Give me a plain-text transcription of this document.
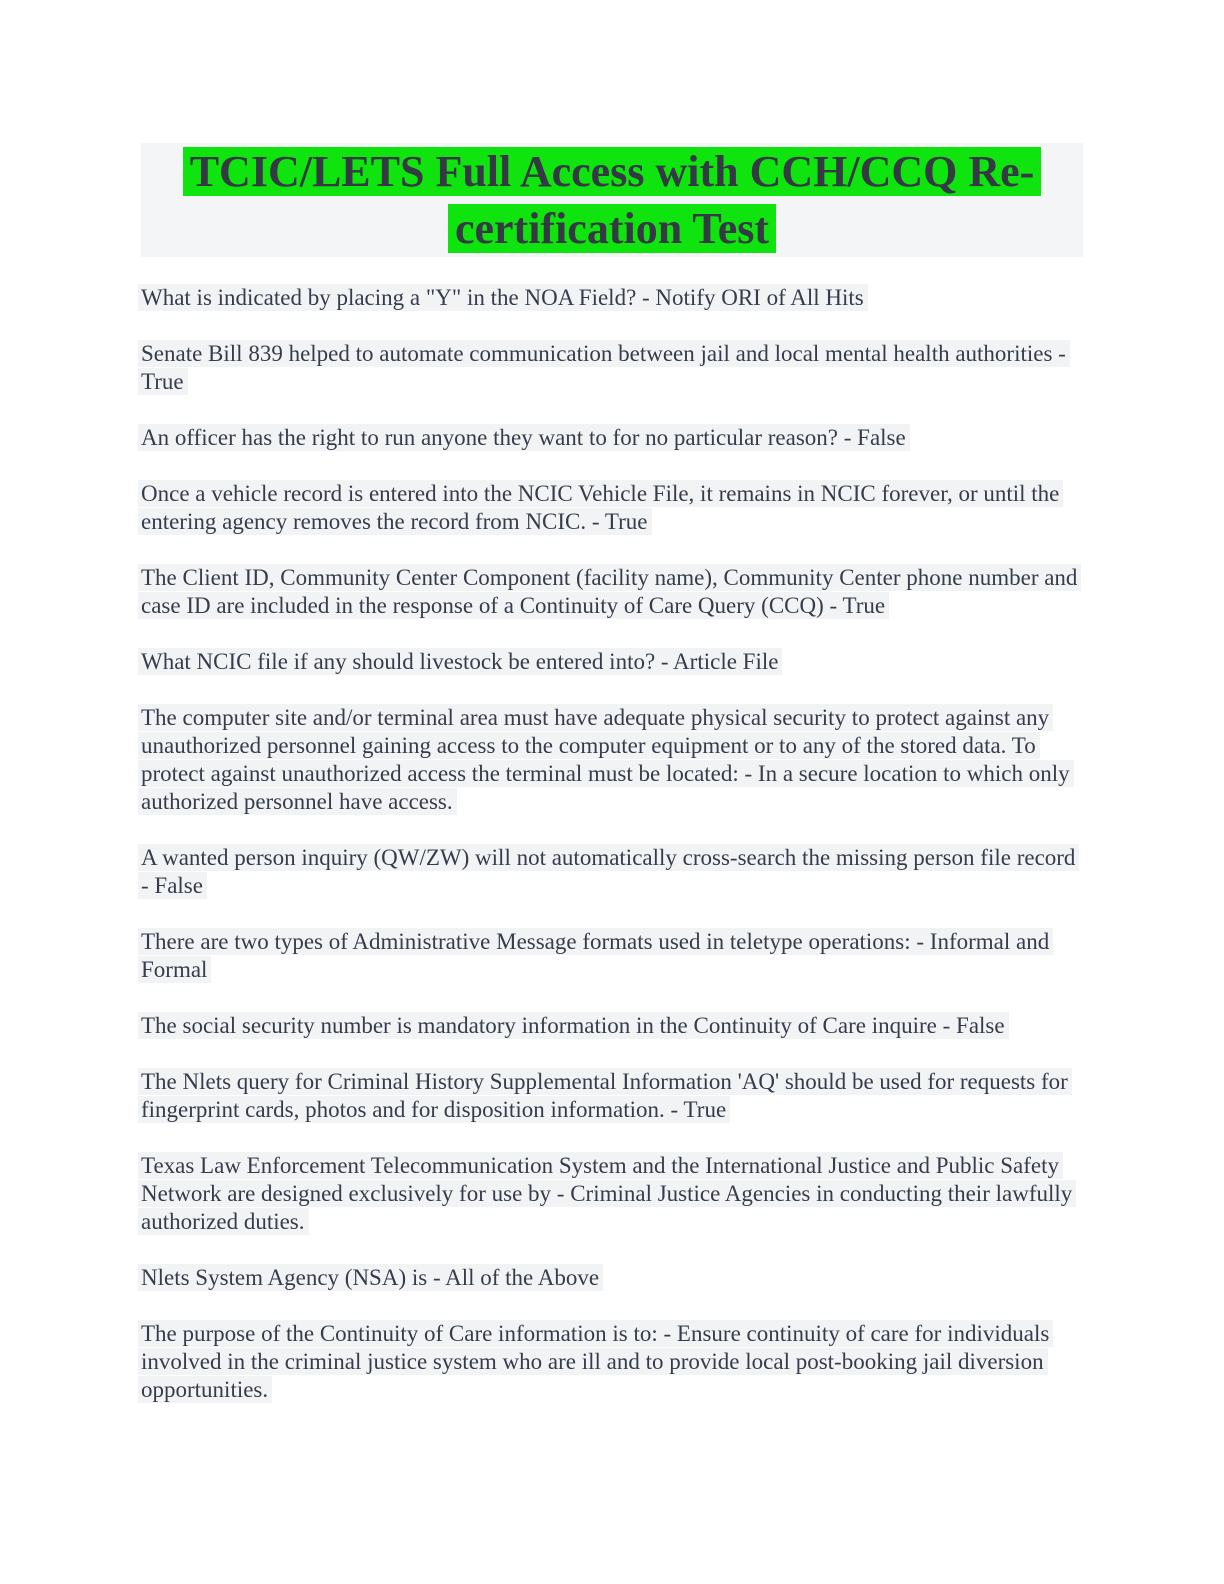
TCIC/LETS Full Access with CCH/CCQ Re-certification Test

What is indicated by placing a "Y" in the NOA Field? - Notify ORI of All Hits

Senate Bill 839 helped to automate communication between jail and local mental health authorities - True

An officer has the right to run anyone they want to for no particular reason? - False

Once a vehicle record is entered into the NCIC Vehicle File, it remains in NCIC forever, or until the entering agency removes the record from NCIC. - True

The Client ID, Community Center Component (facility name), Community Center phone number and case ID are included in the response of a Continuity of Care Query (CCQ) - True

What NCIC file if any should livestock be entered into? - Article File

The computer site and/or terminal area must have adequate physical security to protect against any unauthorized personnel gaining access to the computer equipment or to any of the stored data. To protect against unauthorized access the terminal must be located: - In a secure location to which only authorized personnel have access.

A wanted person inquiry (QW/ZW) will not automatically cross-search the missing person file record - False

There are two types of Administrative Message formats used in teletype operations: - Informal and Formal

The social security number is mandatory information in the Continuity of Care inquire - False

The Nlets query for Criminal History Supplemental Information 'AQ' should be used for requests for fingerprint cards, photos and for disposition information. - True

Texas Law Enforcement Telecommunication System and the International Justice and Public Safety Network are designed exclusively for use by - Criminal Justice Agencies in conducting their lawfully authorized duties.

Nlets System Agency (NSA) is - All of the Above

The purpose of the Continuity of Care information is to: - Ensure continuity of care for individuals involved in the criminal justice system who are ill and to provide local post-booking jail diversion opportunities.
